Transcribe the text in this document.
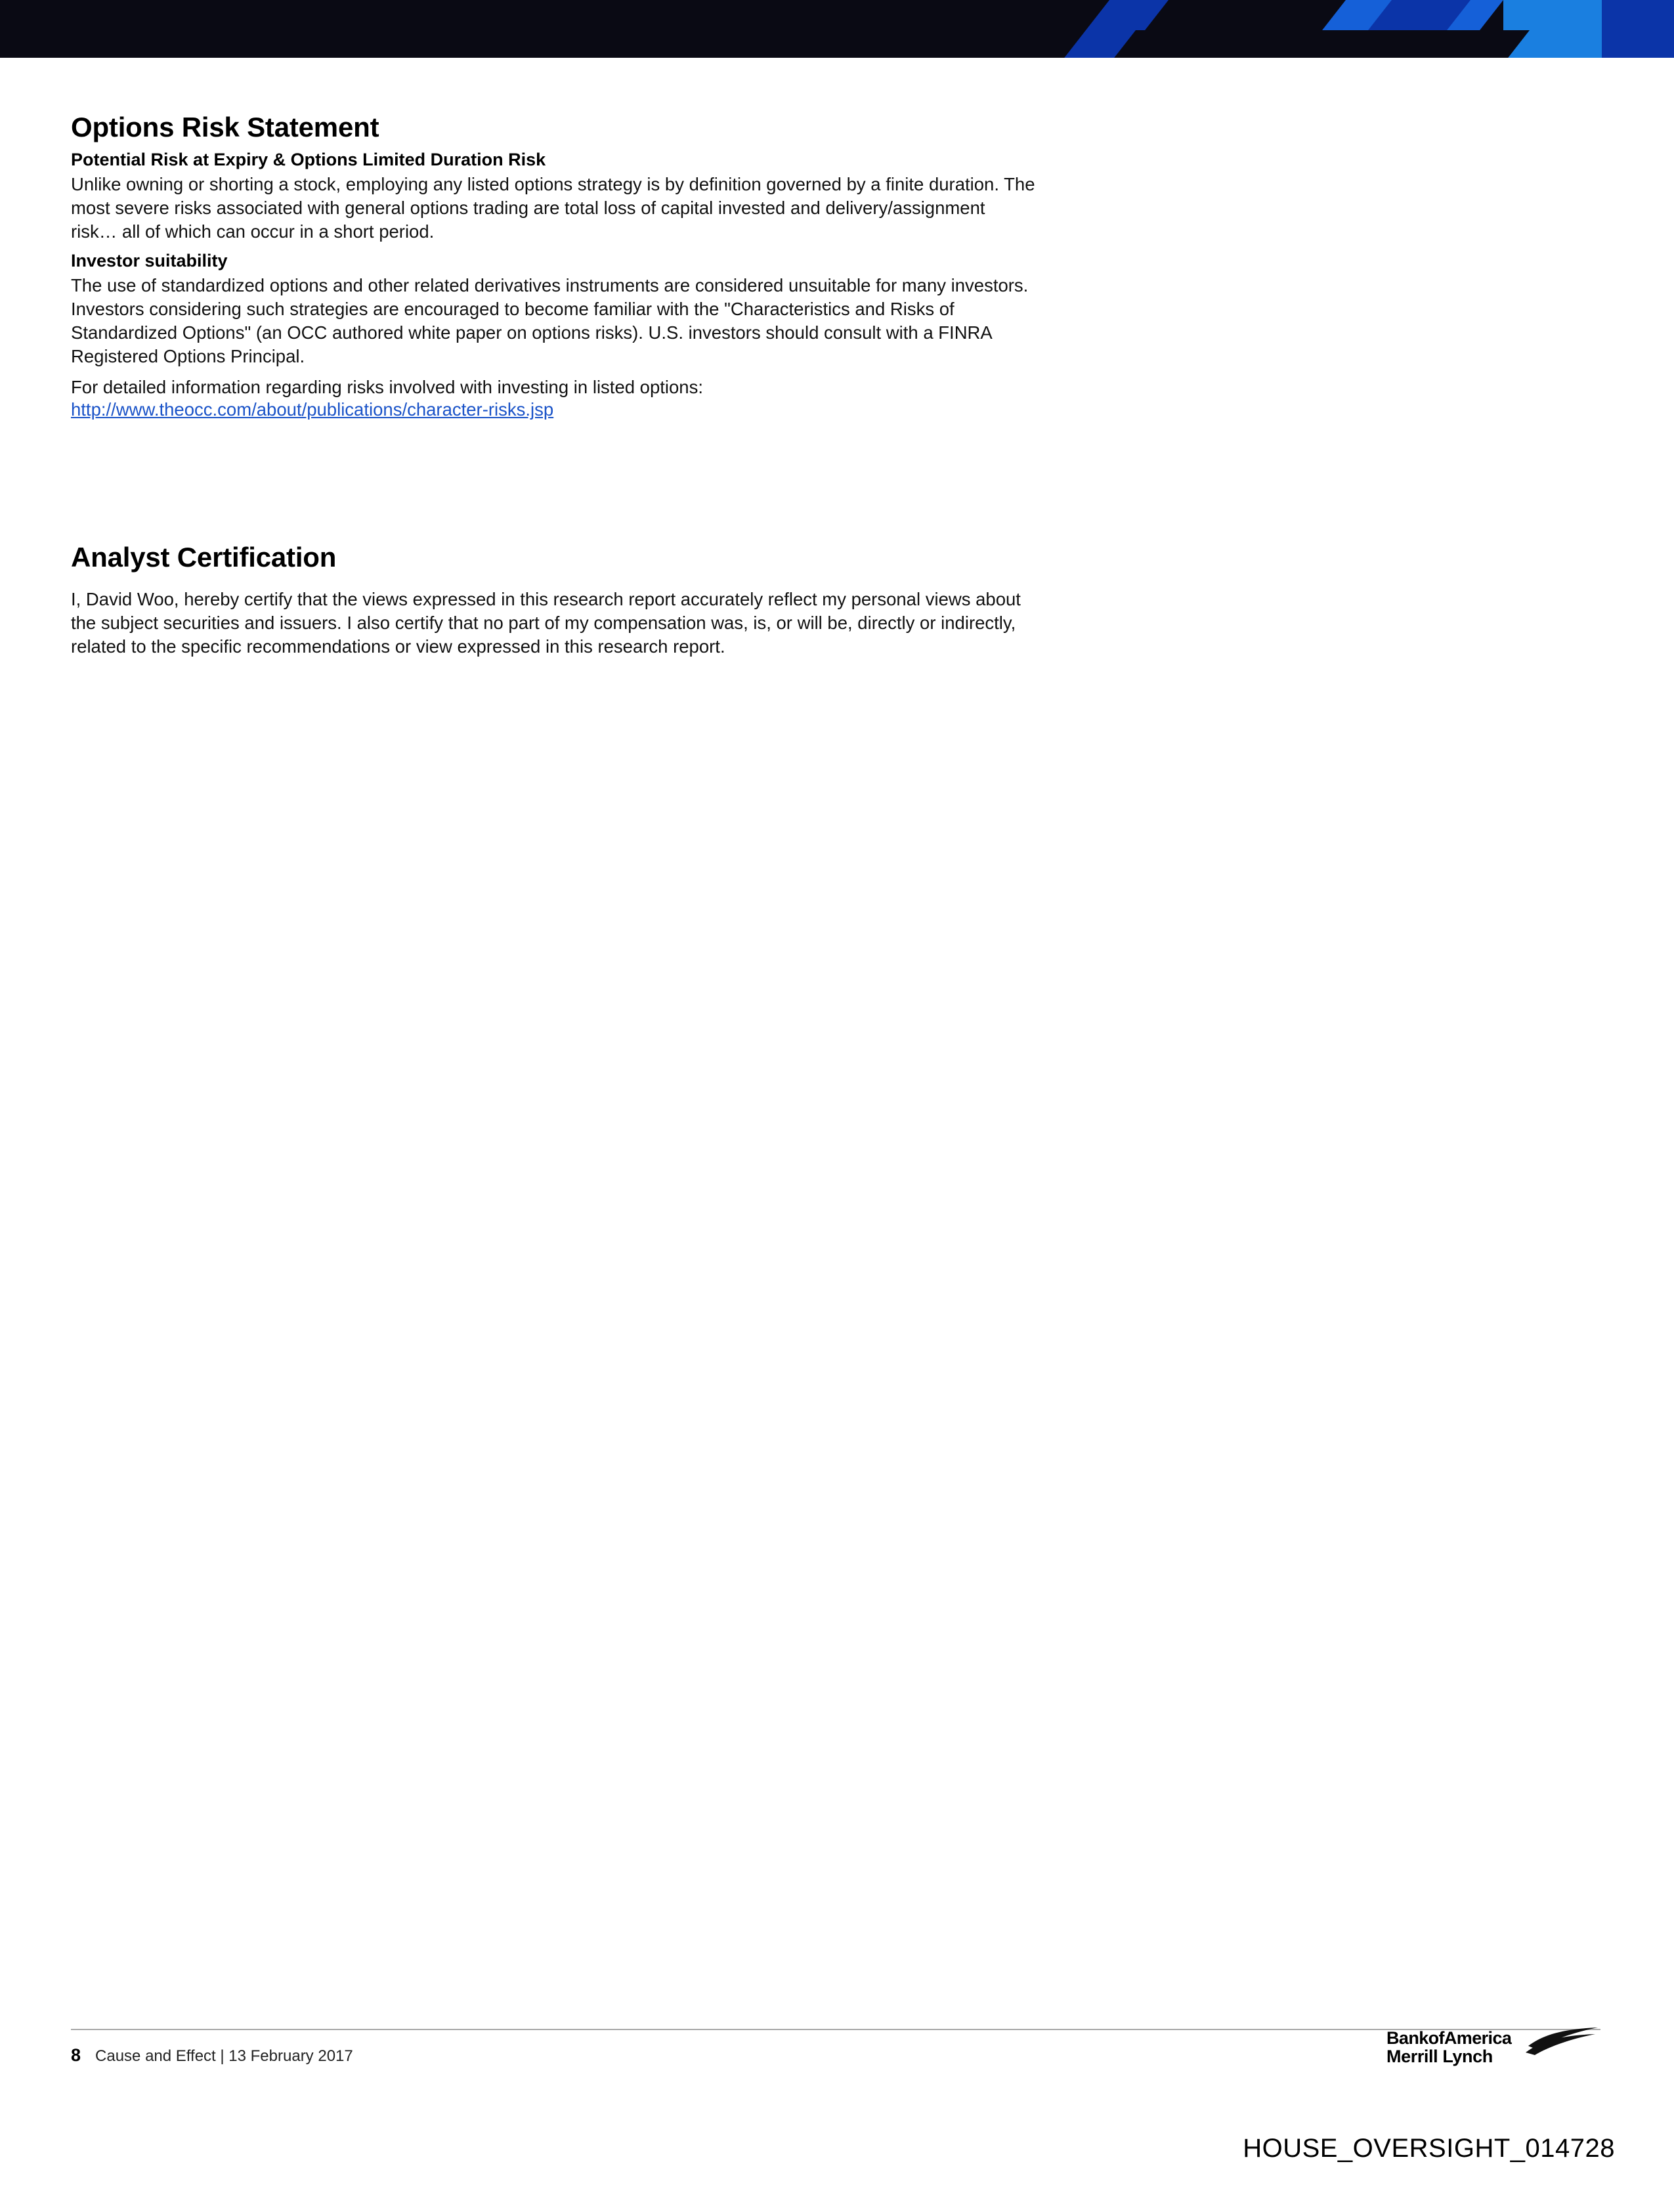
Options Risk Statement
Potential Risk at Expiry & Options Limited Duration Risk

Unlike owning or shorting a stock, employing any listed options strategy is by definition governed by a finite duration. The most severe risks associated with general options trading are total loss of capital invested and delivery/assignment risk… all of which can occur in a short period.

Investor suitability

The use of standardized options and other related derivatives instruments are considered unsuitable for many investors. Investors considering such strategies are encouraged to become familiar with the "Characteristics and Risks of Standardized Options" (an OCC authored white paper on options risks). U.S. investors should consult with a FINRA Registered Options Principal.

For detailed information regarding risks involved with investing in listed options:

http://www.theocc.com/about/publications/character-risks.jsp
Analyst Certification

I, David Woo, hereby certify that the views expressed in this research report accurately reflect my personal views about the subject securities and issuers. I also certify that no part of my compensation was, is, or will be, directly or indirectly, related to the specific recommendations or view expressed in this research report.

8 Cause and Effect | 13 February 2017
BankofAmerica
Merrill Lynch
HOUSE_OVERSIGHT_014728
